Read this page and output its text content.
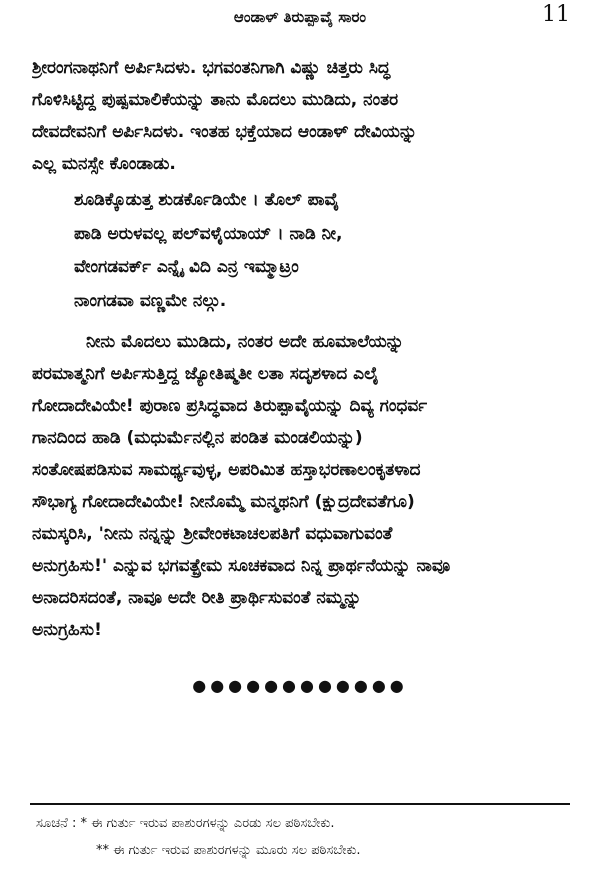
ಆಂಡಾಳ್ ತಿರುಪ್ಪಾವೈ ಸಾರಂ	11

ಶ್ರೀರಂಗನಾಥನಿಗೆ ಅರ್ಪಿಸಿದಳು. ಭಗವಂತನಿಗಾಗಿ ವಿಷ್ಣು ಚಿತ್ತರು ಸಿದ್ಧ
ಗೊಳಿಸಿಟ್ಟಿದ್ದ ಪುಷ್ಪಮಾಲಿಕೆಯನ್ನು ತಾನು ಮೊದಲು ಮುಡಿದು, ನಂತರ
ದೇವದೇವನಿಗೆ ಅರ್ಪಿಸಿದಳು. ಇಂತಹ ಭಕ್ತೆಯಾದ ಆಂಡಾಳ್ ದೇವಿಯನ್ನು
ಎಲ್ಲ ಮನಸ್ಸೇ ಕೊಂಡಾಡು.

ಶೂಡಿಕ್ಕೊಡುತ್ತ ಶುಡರ್ಕೊಡಿಯೇ । ತೊಲ್ ಪಾವೈ
ಪಾಡಿ ಅರುಳವಲ್ಲ ಪಲ್‌ವಳೈಯಾಯ್ । ನಾಡಿ ನೀ,
ವೇಂಗಡವರ್ಕ್ ಎನ್ನೈ ವಿದಿ ಎನ್ರ ಇಮ್ಮಾಟ್ರಂ
ನಾಂಗಡವಾ ವಣ್ಣಮೇ ನಲ್ಗು.

ನೀನು ಮೊದಲು ಮುಡಿದು, ನಂತರ ಅದೇ ಹೂಮಾಲೆಯನ್ನು
ಪರಮಾತ್ಮನಿಗೆ ಅರ್ಪಿಸುತ್ತಿದ್ದ ಜ್ಯೋತಿಷ್ಮತೀ ಲತಾ ಸದೃಶಳಾದ ಎಲೈ
ಗೋದಾದೇವಿಯೇ! ಪುರಾಣ ಪ್ರಸಿದ್ಧವಾದ ತಿರುಪ್ಪಾವೈಯನ್ನು ದಿವ್ಯ ಗಂಧರ್ವ
ಗಾನದಿಂದ ಹಾಡಿ (ಮಧುರ್ಮೆನಲ್ಲಿನ ಪಂಡಿತ ಮಂಡಲಿಯನ್ನು)
ಸಂತೋಷಪಡಿಸುವ ಸಾಮರ್ಥ್ಯವುಳ್ಳ, ಅಪರಿಮಿತ ಹಸ್ತಾಭರಣಾಲಂಕೃತಳಾದ
ಸೌಭಾಗ್ಯ ಗೋದಾದೇವಿಯೇ! ನೀನೊಮ್ಮೆ ಮನ್ಮಥನಿಗೆ (ಕ್ಷುದ್ರದೇವತೆಗೂ)
ನಮಸ್ಕರಿಸಿ, 'ನೀನು ನನ್ನನ್ನು ಶ್ರೀವೇಂಕಟಾಚಲಪತಿಗೆ ವಧುವಾಗುವಂತೆ
ಅನುಗ್ರಹಿಸು!' ಎನ್ನುವ ಭಗವತ್ಪ್ರೇಮ ಸೂಚಕವಾದ ನಿನ್ನ ಪ್ರಾರ್ಥನೆಯನ್ನು ನಾವೂ
ಅನಾದರಿಸದಂತೆ, ನಾವೂ ಅದೇ ರೀತಿ ಪ್ರಾರ್ಥಿಸುವಂತೆ ನಮ್ಮನ್ನು
ಅನುಗ್ರಹಿಸು!

●●●●●●●●●●●●
ಸೂಚನೆ : * ಈ ಗುರ್ತು ಇರುವ ಪಾಶುರಗಳನ್ನು ಎರಡು ಸಲ ಪಠಿಸಬೇಕು.
** ಈ ಗುರ್ತು ಇರುವ ಪಾಶುರಗಳನ್ನು ಮೂರು ಸಲ ಪಠಿಸಬೇಕು.
